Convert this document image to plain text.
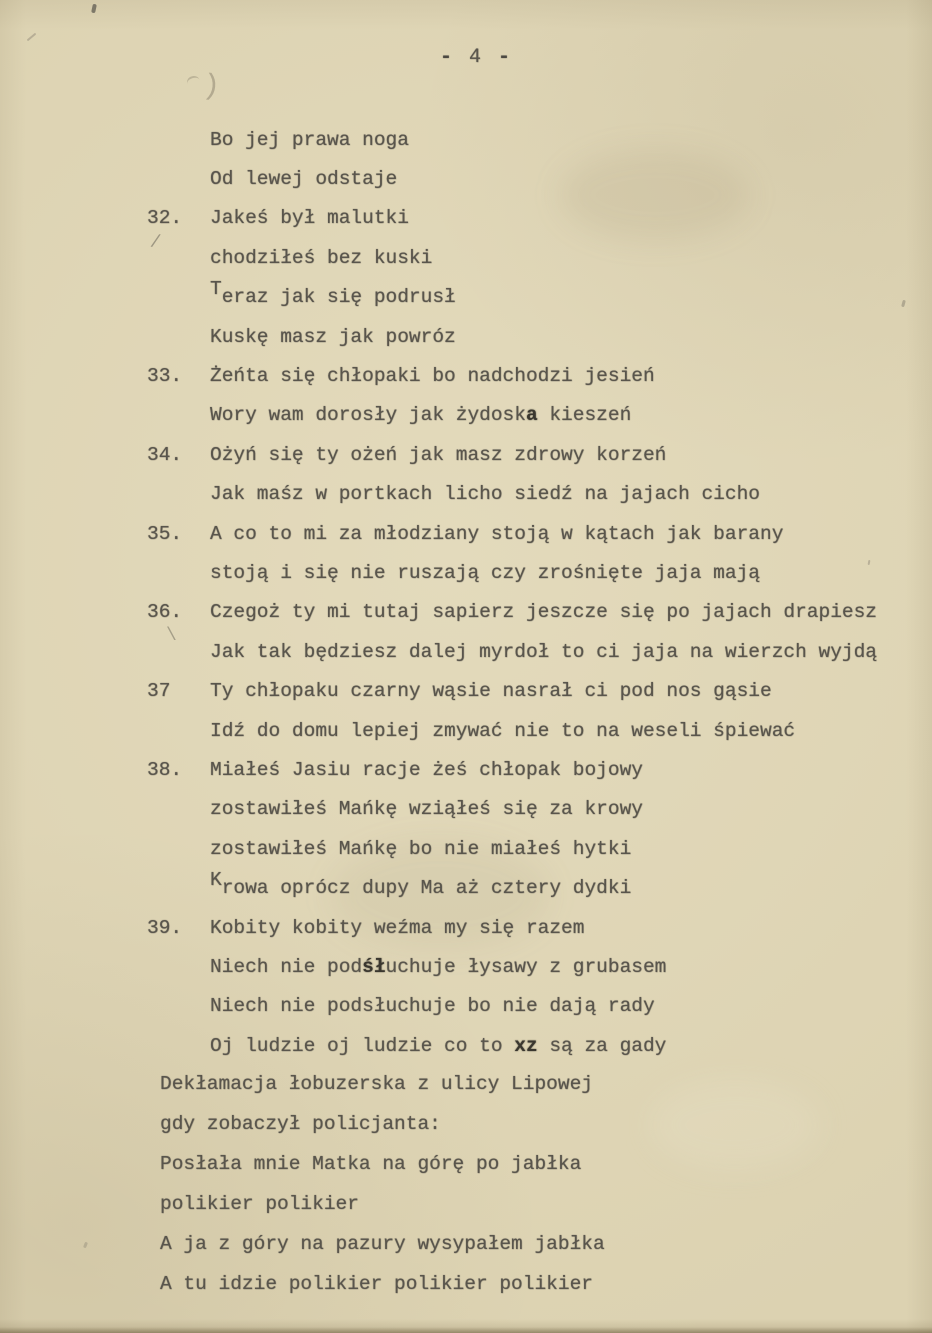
- 4 -
)
/
\
Bo jej prawa noga
Od lewej odstaje
32.	Jakeś był malutki
chodziłeś bez kuski
T eraz jak się podrusł
Kuskę masz jak powróz
33.	Żeńta się chłopaki bo nadchodzi jesień
Wory wam dorosły jak żydosk a kieszeń
34.	Ożyń się ty ożeń jak masz zdrowy korzeń
Jak maśz w portkach licho siedź na jajach cicho
35.	A co to mi za młodziany stoją w kątach jak barany
stoją i się nie ruszają czy zrośnięte jaja mają
36.	Czegoż ty mi tutaj sapierz jeszcze się po jajach drapiesz
Jak tak będziesz dalej myrdoł to ci jaja na wierzch wyjdą
37	Ty chłopaku czarny wąsie nasrał ci pod nos gąsie
Idź do domu lepiej zmywać nie to na weseli śpiewać
38.	Miałeś Jasiu racje żeś chłopak bojowy
zostawiłeś Mańkę wziąłeś się za krowy
zostawiłeś Mańkę bo nie miałeś hytki
K rowa oprócz dupy Ma aż cztery dydki
39.	Kobity kobity weźma my się razem
Niech nie pod śł uchuje łysawy z grubasem
Niech nie podsłuchuje bo nie dają rady
Oj ludzie oj ludzie co to xz są za gady
Dekłamacja łobuzerska z ulicy Lipowej
gdy zobaczył policjanta:
Posłała mnie Matka na górę po jabłka
polikier polikier
A ja z góry na pazury wysypałem jabłka
A tu idzie polikier polikier polikier
